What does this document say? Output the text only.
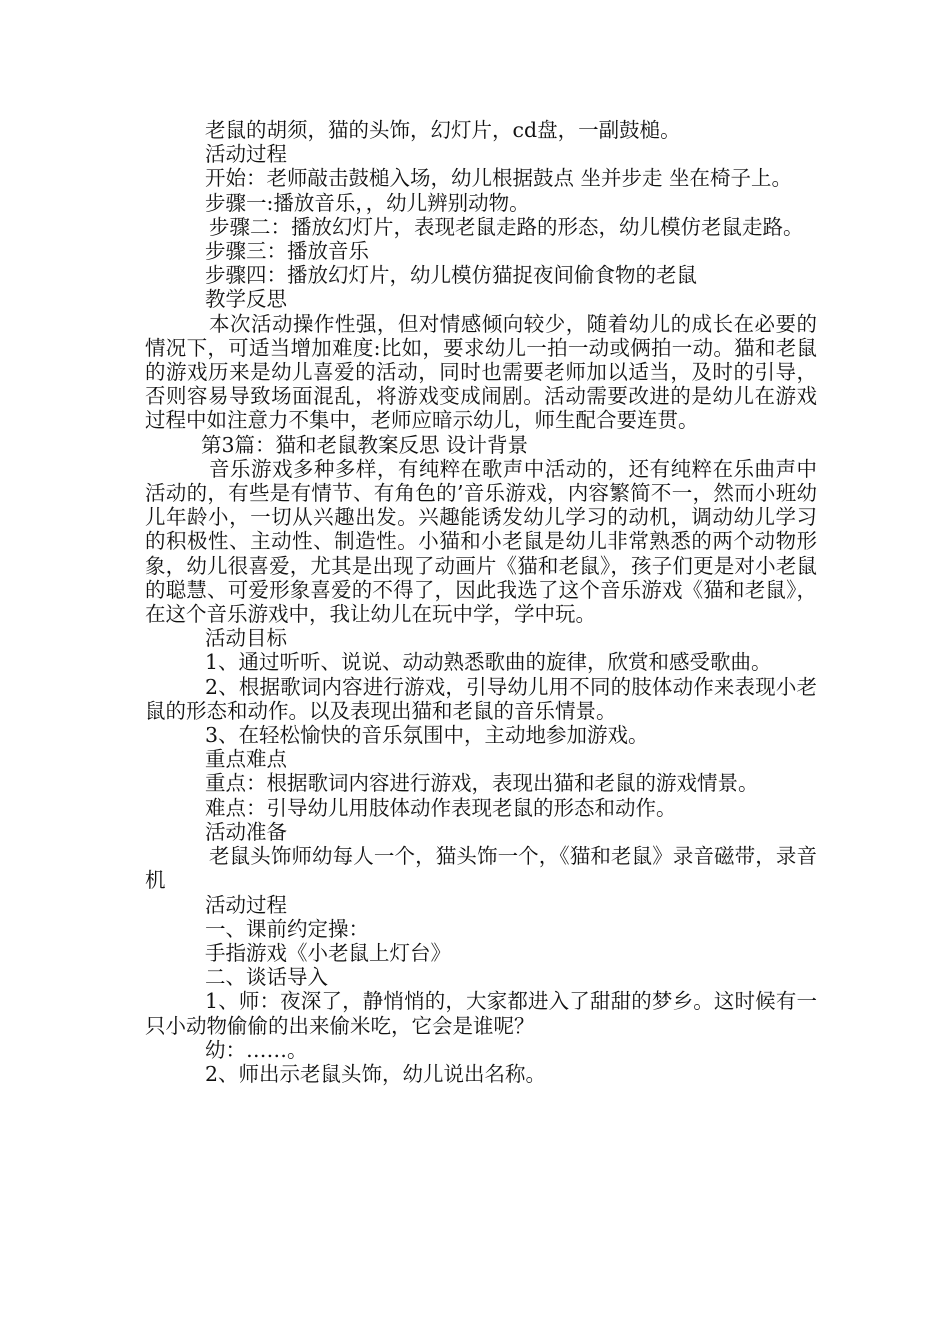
老鼠的胡须，猫的头饰，幻灯片，cd盘，一副鼓槌。

活动过程

开始：老师敲击鼓槌入场，幼儿根据鼓点 坐并步走 坐在椅子上。

步骤一:播放音乐，，幼儿辨别动物。

步骤二：播放幻灯片，表现老鼠走路的形态，幼儿模仿老鼠走路。

步骤三：播放音乐

步骤四：播放幻灯片，幼儿模仿猫捉夜间偷食物的老鼠

教学反思

本次活动操作性强，但对情感倾向较少，随着幼儿的成长在必要的情况下，可适当增加难度:比如，要求幼儿一拍一动或俩拍一动。猫和老鼠的游戏历来是幼儿喜爱的活动，同时也需要老师加以适当，及时的引导，否则容易导致场面混乱，将游戏变成闹剧。活动需要改进的是幼儿在游戏过程中如注意力不集中，老师应暗示幼儿，师生配合要连贯。

第3篇：猫和老鼠教案反思 设计背景

音乐游戏多种多样，有纯粹在歌声中活动的，还有纯粹在乐曲声中活动的，有些是有情节、有角色的’音乐游戏，内容繁简不一，然而小班幼儿年龄小，一切从兴趣出发。兴趣能诱发幼儿学习的动机，调动幼儿学习的积极性、主动性、制造性。小猫和小老鼠是幼儿非常熟悉的两个动物形象，幼儿很喜爱，尤其是出现了动画片《猫和老鼠》，孩子们更是对小老鼠的聪慧、可爱形象喜爱的不得了，因此我选了这个音乐游戏《猫和老鼠》，在这个音乐游戏中，我让幼儿在玩中学，学中玩。

活动目标

1、通过听听、说说、动动熟悉歌曲的旋律，欣赏和感受歌曲。

2、根据歌词内容进行游戏，引导幼儿用不同的肢体动作来表现小老鼠的形态和动作。以及表现出猫和老鼠的音乐情景。

3、在轻松愉快的音乐氛围中，主动地参加游戏。

重点难点

重点：根据歌词内容进行游戏，表现出猫和老鼠的游戏情景。

难点：引导幼儿用肢体动作表现老鼠的形态和动作。

活动准备

老鼠头饰师幼每人一个，猫头饰一个，《猫和老鼠》录音磁带，录音机

活动过程

一、课前约定操：

手指游戏《小老鼠上灯台》

二、谈话导入

1、师：夜深了，静悄悄的，大家都进入了甜甜的梦乡。这时候有一只小动物偷偷的出来偷米吃，它会是谁呢？

幼：……。

2、师出示老鼠头饰，幼儿说出名称。
